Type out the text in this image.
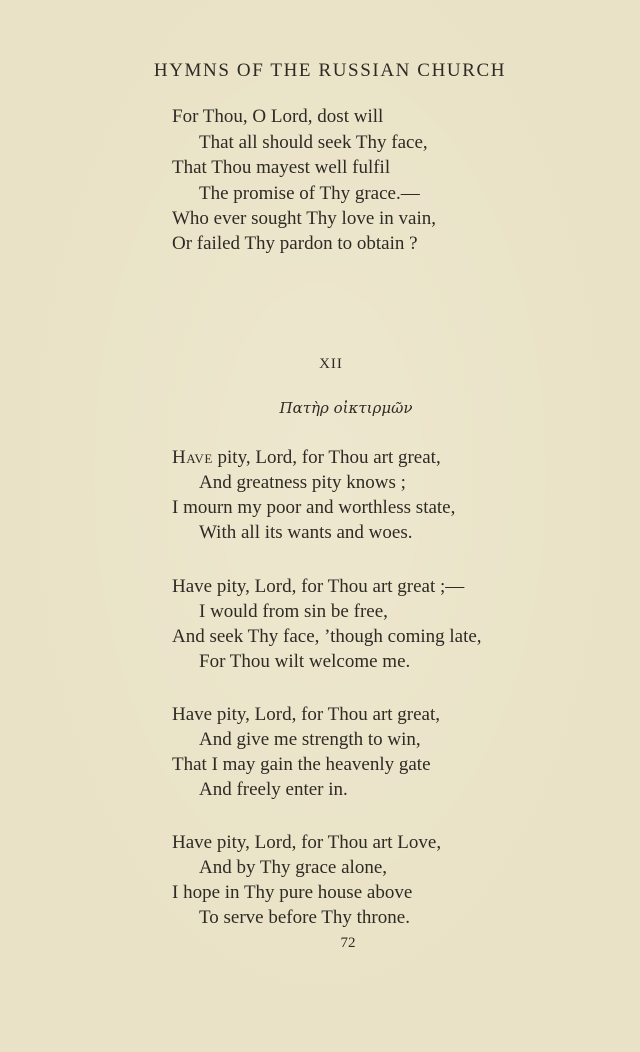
HYMNS OF THE RUSSIAN CHURCH
For Thou, O Lord, dost will
That all should seek Thy face,
That Thou mayest well fulfil
The promise of Thy grace.—
Who ever sought Thy love in vain,
Or failed Thy pardon to obtain ?
XII
Πατὴρ οἰκτιρμῶν
Have pity, Lord, for Thou art great,
And greatness pity knows ;
I mourn my poor and worthless state,
With all its wants and woes.
Have pity, Lord, for Thou art great ;—
I would from sin be free,
And seek Thy face, ’though coming late,
For Thou wilt welcome me.
Have pity, Lord, for Thou art great,
And give me strength to win,
That I may gain the heavenly gate
And freely enter in.
Have pity, Lord, for Thou art Love,
And by Thy grace alone,
I hope in Thy pure house above
To serve before Thy throne.
72
